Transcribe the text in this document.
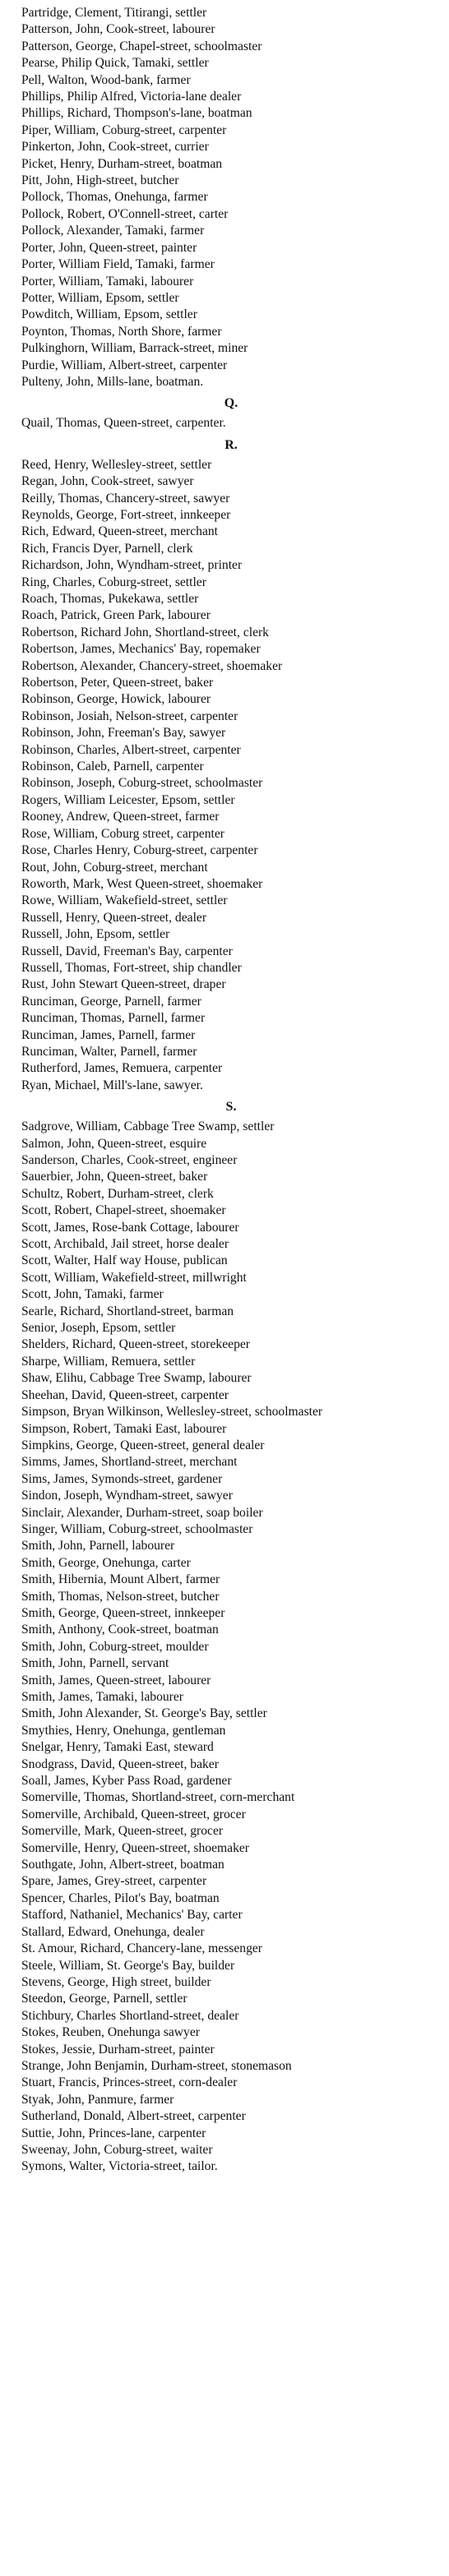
Partridge, Clement, Titirangi, settler
Patterson, John, Cook-street, labourer
Patterson, George, Chapel-street, schoolmaster
Pearse, Philip Quick, Tamaki, settler
Pell, Walton, Wood-bank, farmer
Phillips, Philip Alfred, Victoria-lane dealer
Phillips, Richard, Thompson's-lane, boatman
Piper, William, Coburg-street, carpenter
Pinkerton, John, Cook-street, currier
Picket, Henry, Durham-street, boatman
Pitt, John, High-street, butcher
Pollock, Thomas, Onehunga, farmer
Pollock, Robert, O'Connell-street, carter
Pollock, Alexander, Tamaki, farmer
Porter, John, Queen-street, painter
Porter, William Field, Tamaki, farmer
Porter, William, Tamaki, labourer
Potter, William, Epsom, settler
Powditch, William, Epsom, settler
Poynton, Thomas, North Shore, farmer
Pulkinghorn, William, Barrack-street, miner
Purdie, William, Albert-street, carpenter
Pulteny, John, Mills-lane, boatman.
Q.
Quail, Thomas, Queen-street, carpenter.
R.
Reed, Henry, Wellesley-street, settler
Regan, John, Cook-street, sawyer
Reilly, Thomas, Chancery-street, sawyer
Reynolds, George, Fort-street, innkeeper
Rich, Edward, Queen-street, merchant
Rich, Francis Dyer, Parnell, clerk
Richardson, John, Wyndham-street, printer
Ring, Charles, Coburg-street, settler
Roach, Thomas, Pukekawa, settler
Roach, Patrick, Green Park, labourer
Robertson, Richard John, Shortland-street, clerk
Robertson, James, Mechanics' Bay, ropemaker
Robertson, Alexander, Chancery-street, shoemaker
Robertson, Peter, Queen-street, baker
Robinson, George, Howick, labourer
Robinson, Josiah, Nelson-street, carpenter
Robinson, John, Freeman's Bay, sawyer
Robinson, Charles, Albert-street, carpenter
Robinson, Caleb, Parnell, carpenter
Robinson, Joseph, Coburg-street, schoolmaster
Rogers, William Leicester, Epsom, settler
Rooney, Andrew, Queen-street, farmer
Rose, William, Coburg street, carpenter
Rose, Charles Henry, Coburg-street, carpenter
Rout, John, Coburg-street, merchant
Roworth, Mark, West Queen-street, shoemaker
Rowe, William, Wakefield-street, settler
Russell, Henry, Queen-street, dealer
Russell, John, Epsom, settler
Russell, David, Freeman's Bay, carpenter
Russell, Thomas, Fort-street, ship chandler
Rust, John Stewart Queen-street, draper
Runciman, George, Parnell, farmer
Runciman, Thomas, Parnell, farmer
Runciman, James, Parnell, farmer
Runciman, Walter, Parnell, farmer
Rutherford, James, Remuera, carpenter
Ryan, Michael, Mill's-lane, sawyer.
S.
Sadgrove, William, Cabbage Tree Swamp, settler
Salmon, John, Queen-street, esquire
Sanderson, Charles, Cook-street, engineer
Sauerbier, John, Queen-street, baker
Schultz, Robert, Durham-street, clerk
Scott, Robert, Chapel-street, shoemaker
Scott, James, Rose-bank Cottage, labourer
Scott, Archibald, Jail street, horse dealer
Scott, Walter, Half way House, publican
Scott, William, Wakefield-street, millwright
Scott, John, Tamaki, farmer
Searle, Richard, Shortland-street, barman
Senior, Joseph, Epsom, settler
Shelders, Richard, Queen-street, storekeeper
Sharpe, William, Remuera, settler
Shaw, Elihu, Cabbage Tree Swamp, labourer
Sheehan, David, Queen-street, carpenter
Simpson, Bryan Wilkinson, Wellesley-street, schoolmaster
Simpson, Robert, Tamaki East, labourer
Simpkins, George, Queen-street, general dealer
Simms, James, Shortland-street, merchant
Sims, James, Symonds-street, gardener
Sindon, Joseph, Wyndham-street, sawyer
Sinclair, Alexander, Durham-street, soap boiler
Singer, William, Coburg-street, schoolmaster
Smith, John, Parnell, labourer
Smith, George, Onehunga, carter
Smith, Hibernia, Mount Albert, farmer
Smith, Thomas, Nelson-street, butcher
Smith, George, Queen-street, innkeeper
Smith, Anthony, Cook-street, boatman
Smith, John, Coburg-street, moulder
Smith, John, Parnell, servant
Smith, James, Queen-street, labourer
Smith, James, Tamaki, labourer
Smith, John Alexander, St. George's Bay, settler
Smythies, Henry, Onehunga, gentleman
Snelgar, Henry, Tamaki East, steward
Snodgrass, David, Queen-street, baker
Soall, James, Kyber Pass Road, gardener
Somerville, Thomas, Shortland-street, corn-merchant
Somerville, Archibald, Queen-street, grocer
Somerville, Mark, Queen-street, grocer
Somerville, Henry, Queen-street, shoemaker
Southgate, John, Albert-street, boatman
Spare, James, Grey-street, carpenter
Spencer, Charles, Pilot's Bay, boatman
Stafford, Nathaniel, Mechanics' Bay, carter
Stallard, Edward, Onehunga, dealer
St. Amour, Richard, Chancery-lane, messenger
Steele, William, St. George's Bay, builder
Stevens, George, High street, builder
Steedon, George, Parnell, settler
Stichbury, Charles Shortland-street, dealer
Stokes, Reuben, Onehunga sawyer
Stokes, Jessie, Durham-street, painter
Strange, John Benjamin, Durham-street, stonemason
Stuart, Francis, Princes-street, corn-dealer
Styak, John, Panmure, farmer
Sutherland, Donald, Albert-street, carpenter
Suttie, John, Princes-lane, carpenter
Sweenay, John, Coburg-street, waiter
Symons, Walter, Victoria-street, tailor.
